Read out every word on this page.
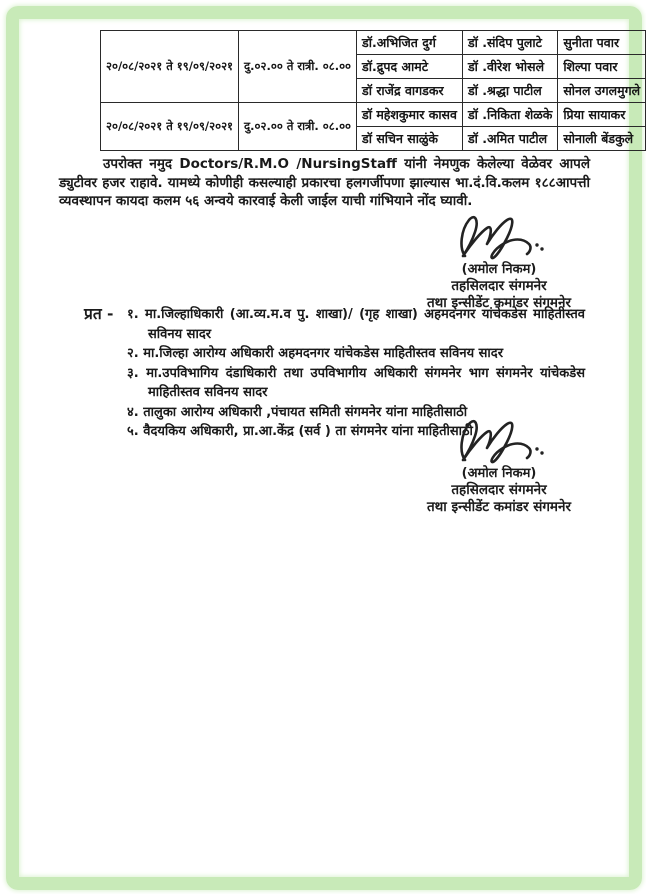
२०/०८/२०२१ ते १९/०९/२०२१	दु.०२.०० ते रात्री. ०८.००	डॉ.अभिजित दुर्ग	डॉ .संदिप पुलाटे	सुनीता पवार
		डॉ.द्रुपद आमटे	डॉ .वीरेश भोसले	शिल्पा पवार
		डॉ राजेंद्र वागडकर	डॉ .श्रद्धा पाटील	सोनल उगलमुगले
२०/०८/२०२१ ते १९/०९/२०२१	दु.०२.०० ते रात्री. ०८.००	डॉ महेशकुमार कासव	डॉ .निकिता शेळके	प्रिया सायाकर
		डॉ सचिन साळुंके	डॉ .अमित पाटील	सोनाली बेंडकुले
उपरोक्त नमुद Doctors/R.M.O /NursingStaff यांनी नेमणुक केलेल्या वेळेवर आपले ड्युटीवर हजर राहावे. यामध्ये कोणीही कसल्याही प्रकारचा हलगर्जीपणा झाल्यास भा.दं.वि.कलम १८८आपत्ती व्यवस्थापन कायदा कलम ५६ अन्वये कारवाई केली जाईल याची गांभियाने नोंद घ्यावी.
(अमोल निकम)
तहसिलदार संगमनेर
तथा इन्सीडेंट कमांडर संगमनेर
प्रत - १. मा.जिल्हाधिकारी (आ.व्य.म.व पु. शाखा)/ (गृह शाखा) अहमदनगर यांचेकडेस माहितीस्तव सविनय सादर
२. मा.जिल्हा आरोग्य अधिकारी अहमदनगर यांचेकडेस माहितीस्तव सविनय सादर
३. मा.उपविभागिय दंडाधिकारी तथा उपविभागीय अधिकारी संगमनेर भाग संगमनेर यांचेकडेस माहितीस्तव सविनय सादर
४. तालुका आरोग्य अधिकारी ,पंचायत समिती संगमनेर यांना माहितीसाठी
५. वैदयकिय अधिकारी, प्रा.आ.केंद्र (सर्व ) ता संगमनेर यांना माहितीसाठी
(अमोल निकम)
तहसिलदार संगमनेर
तथा इन्सीडेंट कमांडर संगमनेर
